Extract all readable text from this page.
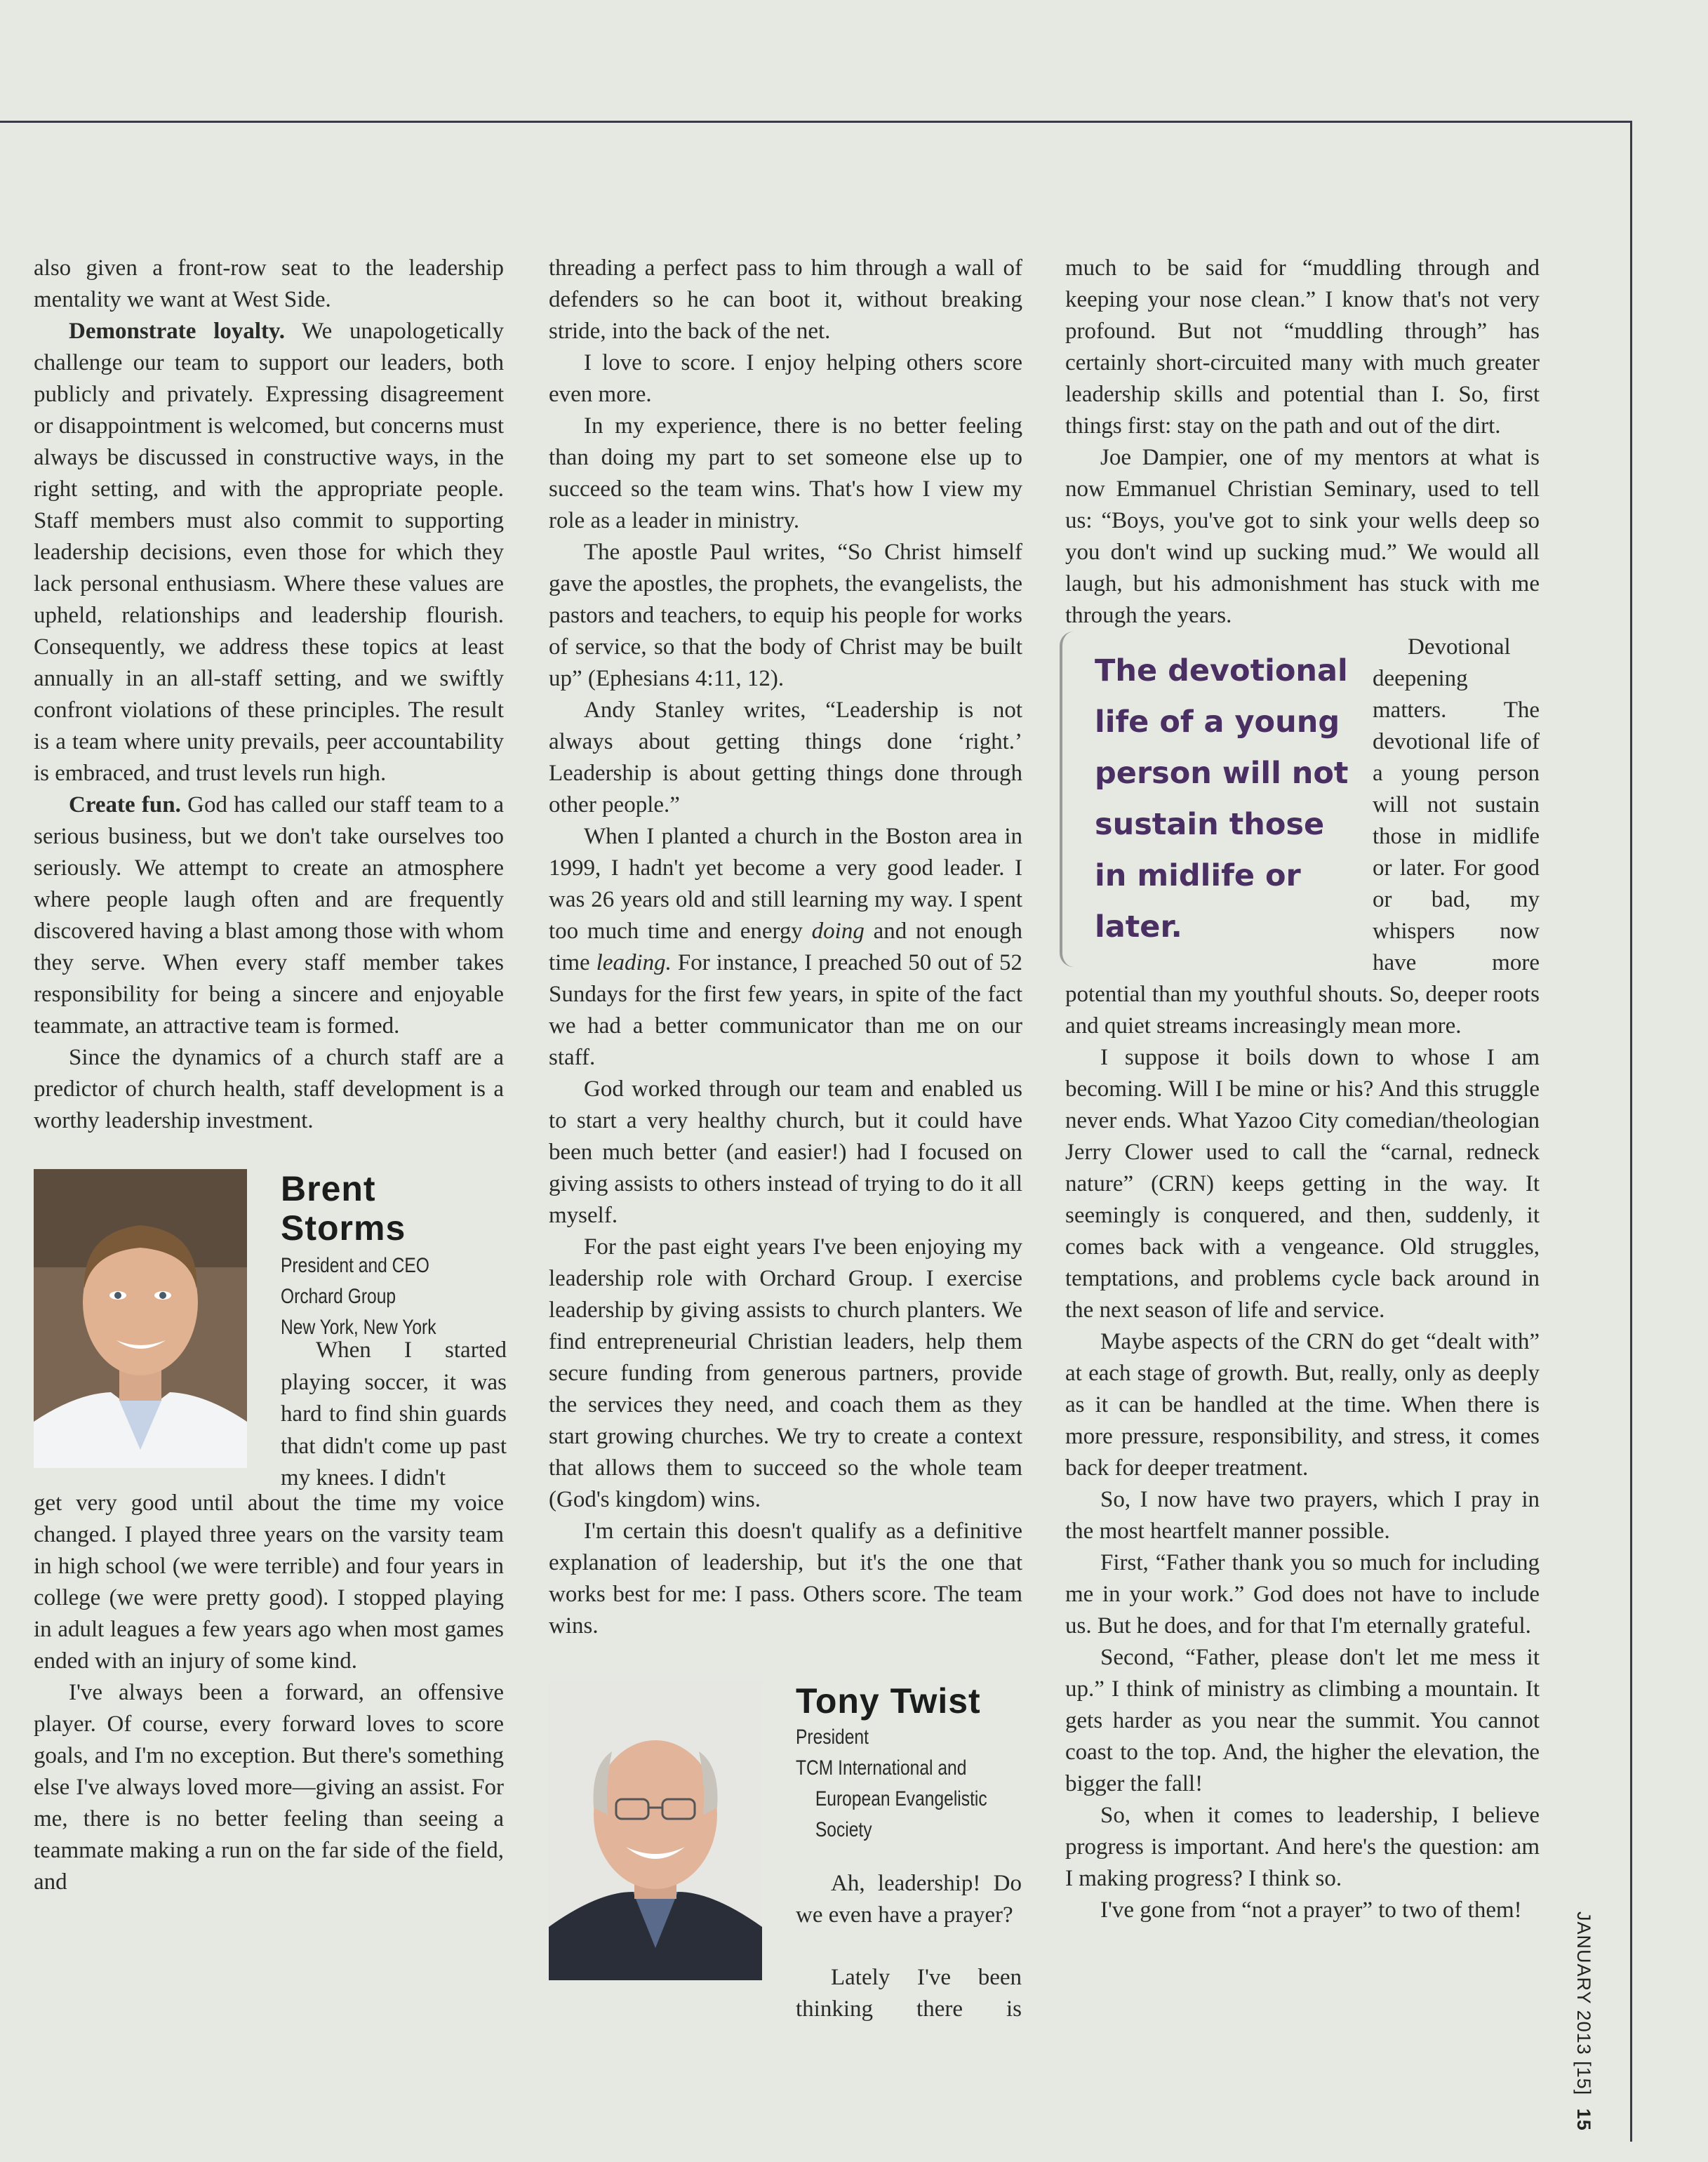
also given a front-row seat to the leadership mentality we want at West Side.

Demonstrate loyalty. We unapologetically challenge our team to support our leaders, both publicly and privately. Expressing disagreement or disappointment is welcomed, but concerns must always be discussed in constructive ways, in the right setting, and with the appropriate people. Staff members must also commit to supporting leadership decisions, even those for which they lack personal enthusiasm. Where these values are upheld, relationships and leadership flourish. Consequently, we address these topics at least annually in an all-staff setting, and we swiftly confront violations of these principles. The result is a team where unity prevails, peer accountability is embraced, and trust levels run high.

Create fun. God has called our staff team to a serious business, but we don't take ourselves too seriously. We attempt to create an atmosphere where people laugh often and are frequently discovered having a blast among those with whom they serve. When every staff member takes responsibility for being a sincere and enjoyable teammate, an attractive team is formed.

Since the dynamics of a church staff are a predictor of church health, staff development is a worthy leadership investment.

Brent
Storms
President and CEO
Orchard Group
New York, New York

When I started playing soccer, it was hard to find shin guards that didn't come up past my knees. I didn't

get very good until about the time my voice changed. I played three years on the varsity team in high school (we were terrible) and four years in college (we were pretty good). I stopped playing in adult leagues a few years ago when most games ended with an injury of some kind.

I've always been a forward, an offensive player. Of course, every forward loves to score goals, and I'm no exception. But there's something else I've always loved more—giving an assist. For me, there is no better feeling than seeing a teammate making a run on the far side of the field, and

threading a perfect pass to him through a wall of defenders so he can boot it, without breaking stride, into the back of the net.

I love to score. I enjoy helping others score even more.

In my experience, there is no better feeling than doing my part to set someone else up to succeed so the team wins. That's how I view my role as a leader in ministry.

The apostle Paul writes, “So Christ himself gave the apostles, the prophets, the evangelists, the pastors and teachers, to equip his people for works of service, so that the body of Christ may be built up” (Ephesians 4:11, 12).

Andy Stanley writes, “Leadership is not always about getting things done ‘right.’ Leadership is about getting things done through other people.”

When I planted a church in the Boston area in 1999, I hadn't yet become a very good leader. I was 26 years old and still learning my way. I spent too much time and energy doing and not enough time leading. For instance, I preached 50 out of 52 Sundays for the first few years, in spite of the fact we had a better communicator than me on our staff.

God worked through our team and enabled us to start a very healthy church, but it could have been much better (and easier!) had I focused on giving assists to others instead of trying to do it all myself.

For the past eight years I've been enjoying my leadership role with Orchard Group. I exercise leadership by giving assists to church planters. We find entrepreneurial Christian leaders, help them secure funding from generous partners, provide the services they need, and coach them as they start growing churches. We try to create a context that allows them to succeed so the whole team (God's kingdom) wins.

I'm certain this doesn't qualify as a definitive explanation of leadership, but it's the one that works best for me: I pass. Others score. The team wins.

Tony Twist
President
TCM International and
European Evangelistic
Society

Ah, leadership! Do we even have a prayer?

Lately I've been thinking there is

much to be said for “muddling through and keeping your nose clean.” I know that's not very profound. But not “muddling through” has certainly short-circuited many with much greater leadership skills and potential than I. So, first things first: stay on the path and out of the dirt.

Joe Dampier, one of my mentors at what is now Emmanuel Christian Seminary, used to tell us: “Boys, you've got to sink your wells deep so you don't wind up sucking mud.” We would all laugh, but his admonishment has stuck with me through the years.

The devotional life of a young person will not sustain those in midlife or later.

Devotional deepening matters. The devotional life of a young person will not sustain those in midlife or later. For good or bad, my whispers now have more potential than my youthful shouts. So, deeper roots and quiet streams increasingly mean more.

I suppose it boils down to whose I am becoming. Will I be mine or his? And this struggle never ends. What Yazoo City comedian/theologian Jerry Clower used to call the “carnal, redneck nature” (CRN) keeps getting in the way. It seemingly is conquered, and then, suddenly, it comes back with a vengeance. Old struggles, temptations, and problems cycle back around in the next season of life and service.

Maybe aspects of the CRN do get “dealt with” at each stage of growth. But, really, only as deeply as it can be handled at the time. When there is more pressure, responsibility, and stress, it comes back for deeper treatment.

So, I now have two prayers, which I pray in the most heartfelt manner possible.

First, “Father thank you so much for including me in your work.” God does not have to include us. But he does, and for that I'm eternally grateful.

Second, “Father, please don't let me mess it up.” I think of ministry as climbing a mountain. It gets harder as you near the summit. You cannot coast to the top. And, the higher the elevation, the bigger the fall!

So, when it comes to leadership, I believe progress is important. And here's the question: am I making progress? I think so.

I've gone from “not a prayer” to two of them!

JANUARY 2013 [15] 15
